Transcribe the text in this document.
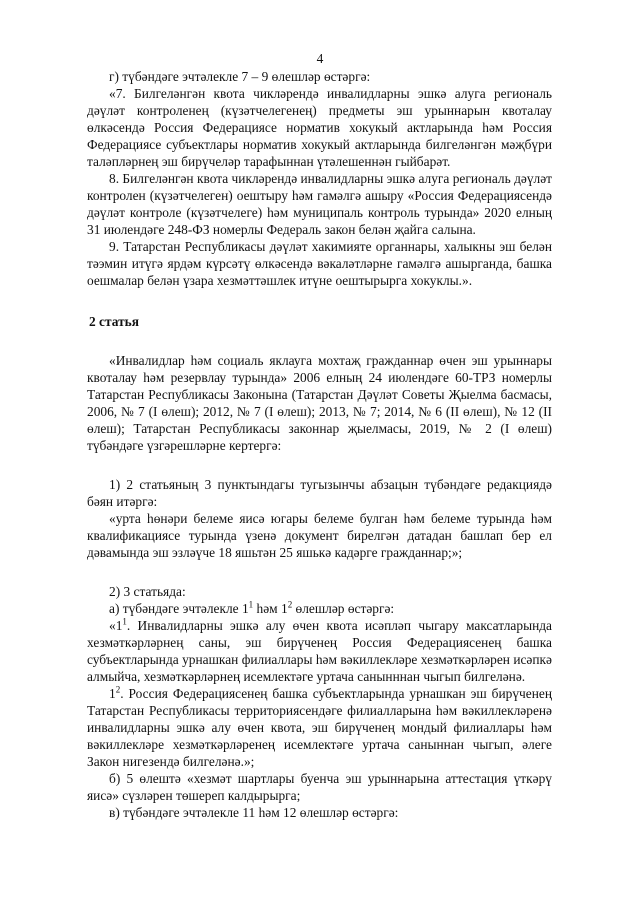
4

г) түбәндәге эчтәлекле 7 – 9 өлешләр өстәргә:

«7. Билгеләнгән квота чикләрендә инвалидларны эшкә алуга региональ дәүләт контроленең (күзәтчелегенең) предметы эш урыннарын квоталау өлкәсендә Россия Федерациясе норматив хокукый актларында һәм Россия Федерациясе субъектлары норматив хокукый актларында билгеләнгән мәҗбүри таләпләрнең эш бирүчеләр тарафыннан үтәлешеннән гыйбарәт.

8. Билгеләнгән квота чикләрендә инвалидларны эшкә алуга региональ дәүләт контролен (күзәтчелеген) оештыру һәм гамәлгә ашыру «Россия Федерациясендә дәүләт контроле (күзәтчелеге) һәм муниципаль контроль турында» 2020 елның 31 июлендәге 248-ФЗ номерлы Федераль закон белән җайга салына.

9. Татарстан Республикасы дәүләт хакимияте органнары, халыкны эш белән тәэмин итүгә ярдәм күрсәтү өлкәсендә вәкаләтләрне гамәлгә ашырганда, башка оешмалар белән үзара хезмәттәшлек итүне оештырырга хокуклы.».

2 статья

«Инвалидлар һәм социаль яклауга мохтаҗ гражданнар өчен эш урыннары квоталау һәм резервлау турында» 2006 елның 24 июлендәге 60-ТРЗ номерлы Татарстан Республикасы Законына (Татарстан Дәүләт Советы Җыелма басмасы, 2006, № 7 (I өлеш); 2012, № 7 (I өлеш); 2013, № 7; 2014, № 6 (II өлеш), № 12 (II өлеш); Татарстан Республикасы законнар җыелмасы, 2019, № 2 (I өлеш) түбәндәге үзгәрешләрне кертергә:

1) 2 статьяның 3 пунктындагы тугызынчы абзацын түбәндәге редакциядә бәян итәргә:

«урта һөнәри белеме яисә югары белеме булган һәм белеме турында һәм квалификациясе турында үзенә документ бирелгән датадан башлап бер ел дәвамында эш эзләүче 18 яшьтән 25 яшькә кадәрге гражданнар;»;

2) 3 статьяда:

а) түбәндәге эчтәлекле $1^1$ һәм $1^2$ өлешләр өстәргә:

«$1^1$. Инвалидларны эшкә алу өчен квота исәпләп чыгару максатларында хезмәткәрләрнең саны, эш бирүченең Россия Федерациясенең башка субъектларында урнашкан филиаллары һәм вәкиллекләре хезмәткәрләрен исәпкә алмыйча, хезмәткәрләрнең исемлектәге уртача санынннан чыгып билгеләнә.

$1^2$. Россия Федерациясенең башка субъектларында урнашкан эш бирүченең Татарстан Республикасы территориясендәге филиалларына һәм вәкиллекләренә инвалидларны эшкә алу өчен квота, эш бирүченең мондый филиаллары һәм вәкиллекләре хезмәткәрләренең исемлектәге уртача саныннан чыгып, әлеге Закон нигезендә билгеләнә.»;

б) 5 өлештә «хезмәт шартлары буенча эш урыннарына аттестация үткәрү яисә» сүзләрен төшереп калдырырга;

в) түбәндәге эчтәлекле 11 һәм 12 өлешләр өстәргә:
